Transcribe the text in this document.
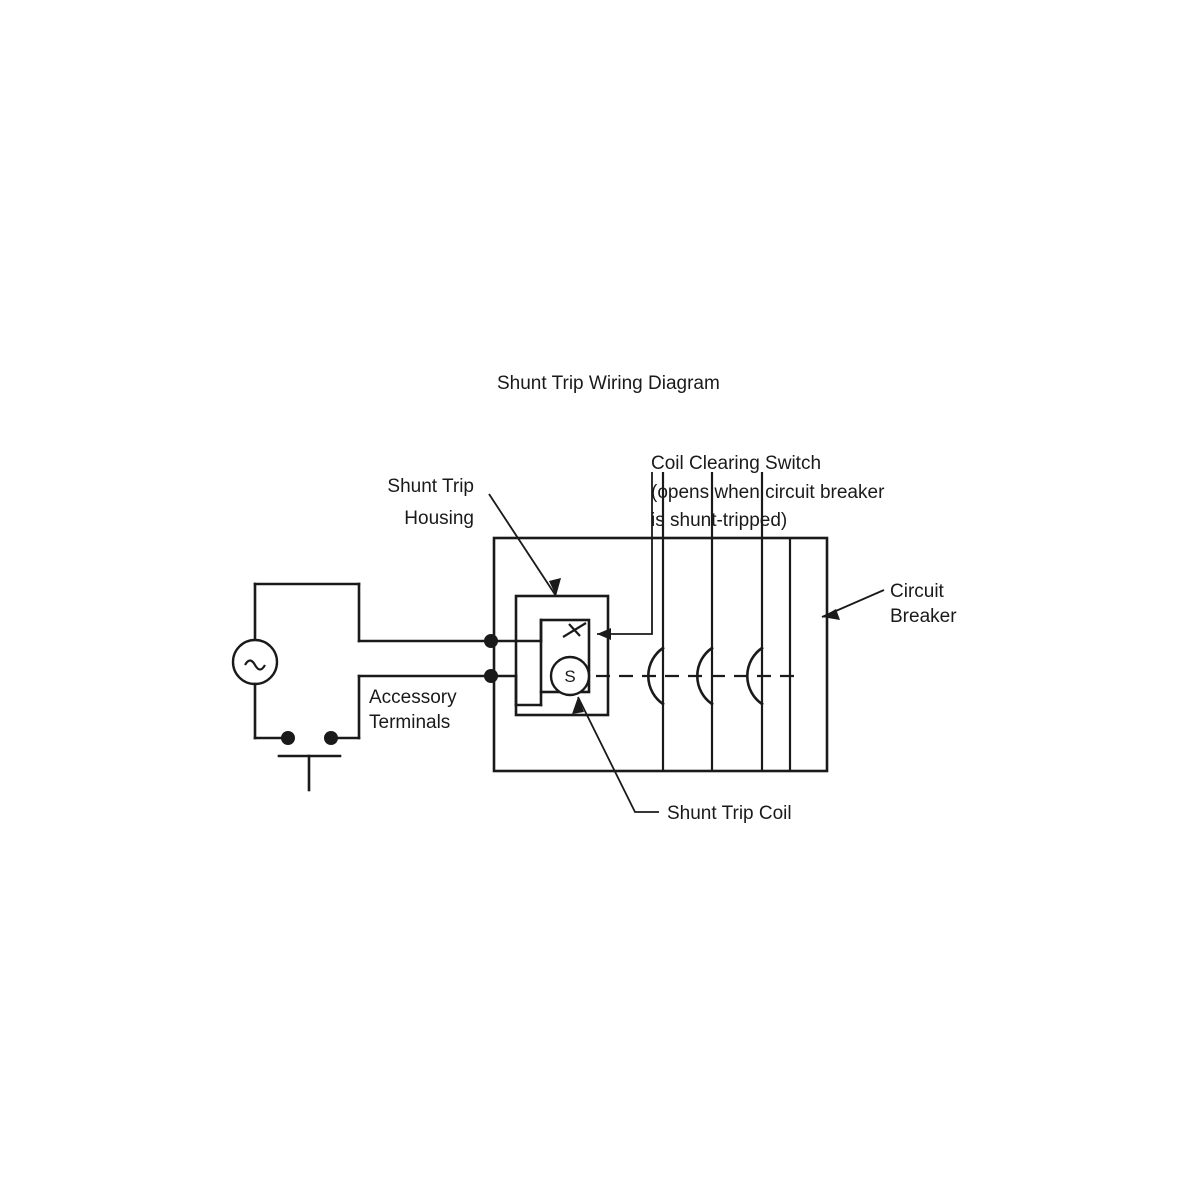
Shunt Trip Wiring Diagram
S
Shunt Trip
Housing
Coil Clearing Switch
(opens when circuit breaker
is shunt-tripped)
Circuit
Breaker
Accessory
Terminals
Shunt Trip Coil
